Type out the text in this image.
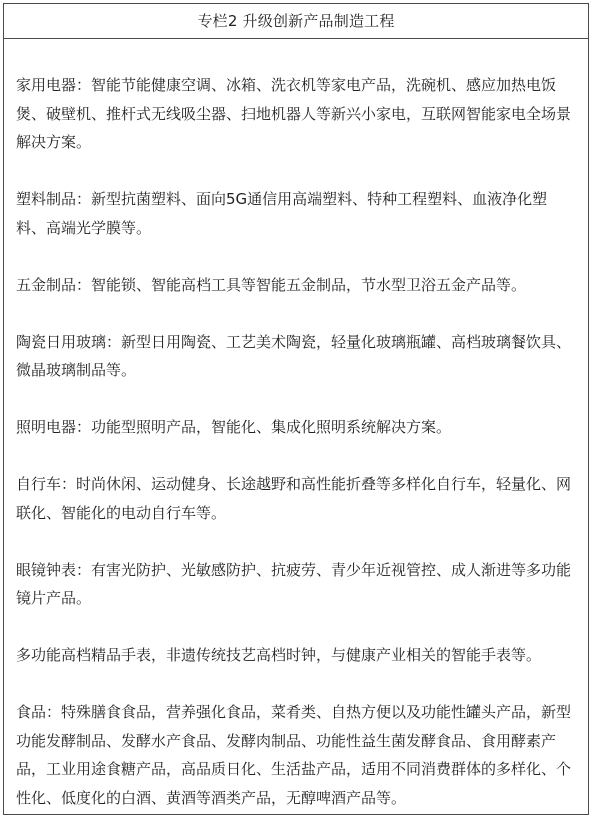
专栏2 升级创新产品制造工程

家用电器：智能节能健康空调、冰箱、洗衣机等家电产品，洗碗机、感应加热电饭煲、破壁机、推杆式无线吸尘器、扫地机器人等新兴小家电，互联网智能家电全场景解决方案。

塑料制品：新型抗菌塑料、面向5G通信用高端塑料、特种工程塑料、血液净化塑料、高端光学膜等。

五金制品：智能锁、智能高档工具等智能五金制品，节水型卫浴五金产品等。

陶瓷日用玻璃：新型日用陶瓷、工艺美术陶瓷，轻量化玻璃瓶罐、高档玻璃餐饮具、微晶玻璃制品等。

照明电器：功能型照明产品，智能化、集成化照明系统解决方案。

自行车：时尚休闲、运动健身、长途越野和高性能折叠等多样化自行车，轻量化、网联化、智能化的电动自行车等。

眼镜钟表：有害光防护、光敏感防护、抗疲劳、青少年近视管控、成人渐进等多功能镜片产品。

多功能高档精品手表，非遗传统技艺高档时钟，与健康产业相关的智能手表等。

食品：特殊膳食食品，营养强化食品，菜肴类、自热方便以及功能性罐头产品，新型功能发酵制品、发酵水产食品、发酵肉制品、功能性益生菌发酵食品、食用酵素产品，工业用途食糖产品，高品质日化、生活盐产品，适用不同消费群体的多样化、个性化、低度化的白酒、黄酒等酒类产品，无醇啤酒产品等。
